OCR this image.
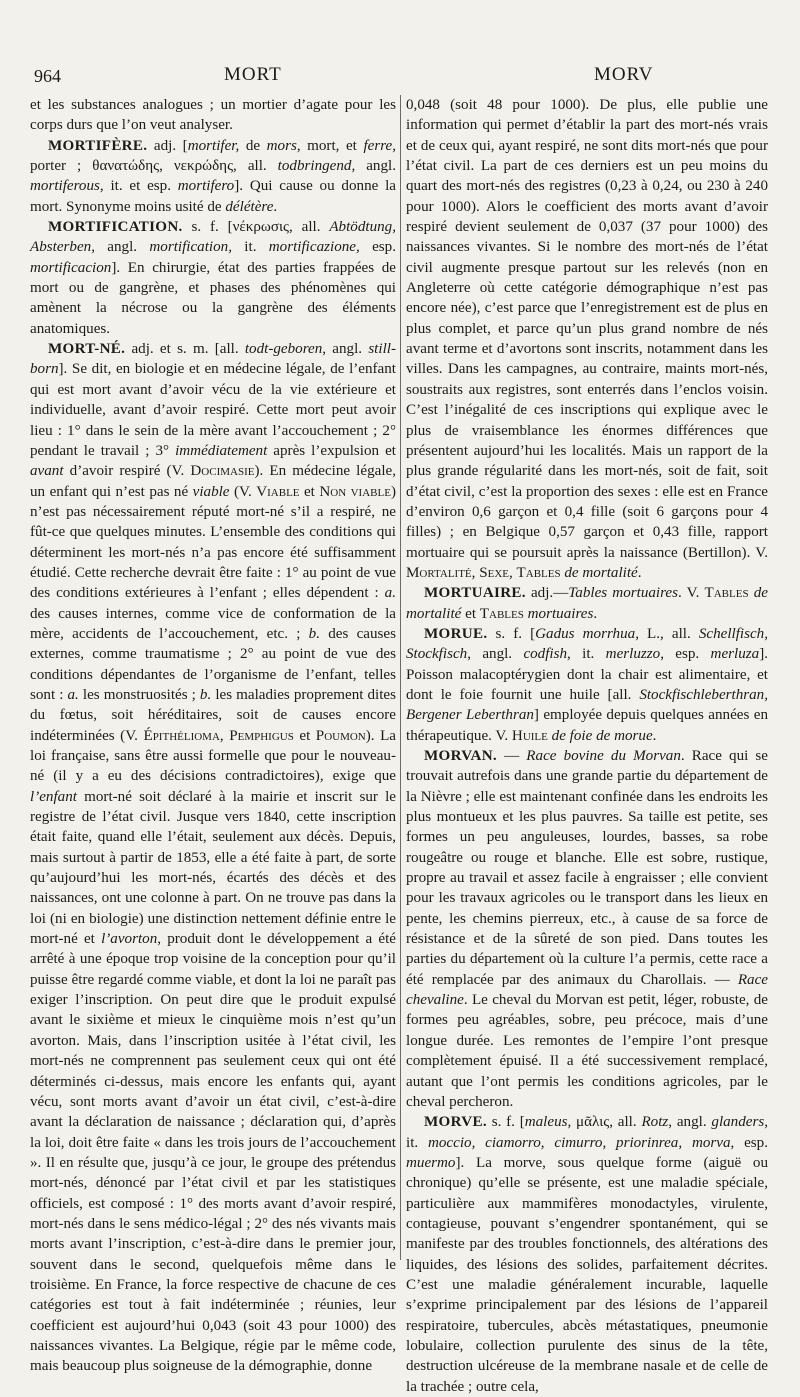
964	MORT	MORV

et les substances analogues ; un mortier d’agate pour les corps durs que l’on veut analyser.

MORTIFÈRE. adj. [mortifer, de mors, mort, et ferre, porter ; θανατώδης, νεκρώδης, all. todbringend, angl. mortiferous, it. et esp. mortifero]. Qui cause ou donne la mort. Synonyme moins usité de délétère.

MORTIFICATION. s. f. [νέκρωσις, all. Abtödtung, Absterben, angl. mortification, it. mortificazione, esp. mortificacion]. En chirurgie, état des parties frappées de mort ou de gangrène, et phases des phénomènes qui amènent la nécrose ou la gangrène des éléments anatomiques.

MORT-NÉ. adj. et s. m. [all. todt-geboren, angl. still-born]. Se dit, en biologie et en médecine légale, de l’enfant qui est mort avant d’avoir vécu de la vie extérieure et individuelle, avant d’avoir respiré. Cette mort peut avoir lieu : 1° dans le sein de la mère avant l’accouchement ; 2° pendant le travail ; 3° immédiatement après l’expulsion et avant d’avoir respiré (V. Docimasie). En médecine légale, un enfant qui n’est pas né viable (V. Viable et Non viable) n’est pas nécessairement réputé mort-né s’il a respiré, ne fût-ce que quelques minutes. L’ensemble des conditions qui déterminent les mort-nés n’a pas encore été suffisamment étudié. Cette recherche devrait être faite : 1° au point de vue des conditions extérieures à l’enfant ; elles dépendent : a. des causes internes, comme vice de conformation de la mère, accidents de l’accouchement, etc. ; b. des causes externes, comme traumatisme ; 2° au point de vue des conditions dépendantes de l’organisme de l’enfant, telles sont : a. les monstruosités ; b. les maladies proprement dites du fœtus, soit héréditaires, soit de causes encore indéterminées (V. Épithélioma, Pemphigus et Poumon). La loi française, sans être aussi formelle que pour le nouveau-né (il y a eu des décisions contradictoires), exige que l’enfant mort-né soit déclaré à la mairie et inscrit sur le registre de l’état civil. Jusque vers 1840, cette inscription était faite, quand elle l’était, seulement aux décès. Depuis, mais surtout à partir de 1853, elle a été faite à part, de sorte qu’aujourd’hui les mort-nés, écartés des décès et des naissances, ont une colonne à part. On ne trouve pas dans la loi (ni en biologie) une distinction nettement définie entre le mort-né et l’avorton, produit dont le développement a été arrêté à une époque trop voisine de la conception pour qu’il puisse être regardé comme viable, et dont la loi ne paraît pas exiger l’inscription. On peut dire que le produit expulsé avant le sixième et mieux le cinquième mois n’est qu’un avorton. Mais, dans l’inscription usitée à l’état civil, les mort-nés ne comprennent pas seulement ceux qui ont été déterminés ci-dessus, mais encore les enfants qui, ayant vécu, sont morts avant d’avoir un état civil, c’est-à-dire avant la déclaration de naissance ; déclaration qui, d’après la loi, doit être faite « dans les trois jours de l’accouchement ». Il en résulte que, jusqu’à ce jour, le groupe des prétendus mort-nés, dénoncé par l’état civil et par les statistiques officiels, est composé : 1° des morts avant d’avoir respiré, mort-nés dans le sens médico-légal ; 2° des nés vivants mais morts avant l’inscription, c’est-à-dire dans le premier jour, souvent dans le second, quelquefois même dans le troisième. En France, la force respective de chacune de ces catégories est tout à fait indéterminée ; réunies, leur coefficient est aujourd’hui 0,043 (soit 43 pour 1000) des naissances vivantes. La Belgique, régie par le même code, mais beaucoup plus soigneuse de la démographie, donne

0,048 (soit 48 pour 1000). De plus, elle publie une information qui permet d’établir la part des mort-nés vrais et de ceux qui, ayant respiré, ne sont dits mort-nés que pour l’état civil. La part de ces derniers est un peu moins du quart des mort-nés des registres (0,23 à 0,24, ou 230 à 240 pour 1000). Alors le coefficient des morts avant d’avoir respiré devient seulement de 0,037 (37 pour 1000) des naissances vivantes. Si le nombre des mort-nés de l’état civil augmente presque partout sur les relevés (non en Angleterre où cette catégorie démographique n’est pas encore née), c’est parce que l’enregistrement est de plus en plus complet, et parce qu’un plus grand nombre de nés avant terme et d’avortons sont inscrits, notamment dans les villes. Dans les campagnes, au contraire, maints mort-nés, soustraits aux registres, sont enterrés dans l’enclos voisin. C’est l’inégalité de ces inscriptions qui explique avec le plus de vraisemblance les énormes différences que présentent aujourd’hui les localités. Mais un rapport de la plus grande régularité dans les mort-nés, soit de fait, soit d’état civil, c’est la proportion des sexes : elle est en France d’environ 0,6 garçon et 0,4 fille (soit 6 garçons pour 4 filles) ; en Belgique 0,57 garçon et 0,43 fille, rapport mortuaire qui se poursuit après la naissance (Bertillon). V. Mortalité, Sexe, Tables de mortalité.

MORTUAIRE. adj.—Tables mortuaires. V. Tables de mortalité et Tables mortuaires.

MORUE. s. f. [Gadus morrhua, L., all. Schellfisch, Stockfisch, angl. codfish, it. merluzzo, esp. merluza]. Poisson malacoptérygien dont la chair est alimentaire, et dont le foie fournit une huile [all. Stockfischleberthran, Bergener Leberthran] employée depuis quelques années en thérapeutique. V. Huile de foie de morue.

MORVAN. — Race bovine du Morvan. Race qui se trouvait autrefois dans une grande partie du département de la Nièvre ; elle est maintenant confinée dans les endroits les plus montueux et les plus pauvres. Sa taille est petite, ses formes un peu anguleuses, lourdes, basses, sa robe rougeâtre ou rouge et blanche. Elle est sobre, rustique, propre au travail et assez facile à engraisser ; elle convient pour les travaux agricoles ou le transport dans les lieux en pente, les chemins pierreux, etc., à cause de sa force de résistance et de la sûreté de son pied. Dans toutes les parties du département où la culture l’a permis, cette race a été remplacée par des animaux du Charollais. — Race chevaline. Le cheval du Morvan est petit, léger, robuste, de formes peu agréables, sobre, peu précoce, mais d’une longue durée. Les remontes de l’empire l’ont presque complètement épuisé. Il a été successivement remplacé, autant que l’ont permis les conditions agricoles, par le cheval percheron.

MORVE. s. f. [maleus, μᾶλις, all. Rotz, angl. glanders, it. moccio, ciamorro, cimurro, priorinrea, morva, esp. muermo]. La morve, sous quelque forme (aiguë ou chronique) qu’elle se présente, est une maladie spéciale, particulière aux mammifères monodactyles, virulente, contagieuse, pouvant s’engendrer spontanément, qui se manifeste par des troubles fonctionnels, des altérations des liquides, des lésions des solides, parfaitement décrites. C’est une maladie généralement incurable, laquelle s’exprime principalement par des lésions de l’appareil respiratoire, tubercules, abcès métastatiques, pneumonie lobulaire, collection purulente des sinus de la tête, destruction ulcéreuse de la membrane nasale et de celle de la trachée ; outre cela,
